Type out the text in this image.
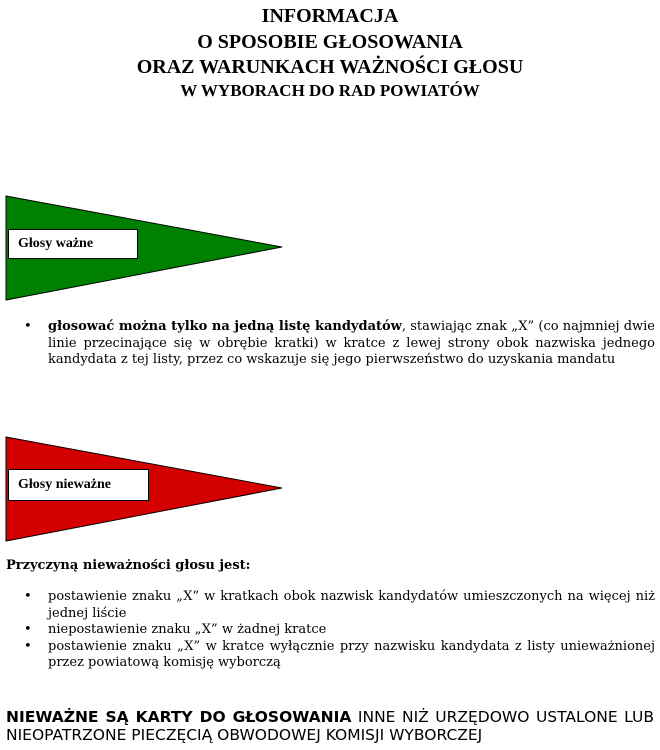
INFORMACJA
O SPOSOBIE GŁOSOWANIA
ORAZ WARUNKACH WAŻNOŚCI GŁOSU
W WYBORACH DO RAD POWIATÓW
Głosy ważne
• głosować można tylko na jedną listę kandydatów, stawiając znak „X” (co najmniej dwie linie przecinające się w obrębie kratki) w kratce z lewej strony obok nazwiska jednego kandydata z tej listy, przez co wskazuje się jego pierwszeństwo do uzyskania mandatu
Głosy nieważne

Przyczyną nieważności głosu jest:

• postawienie znaku „X” w kratkach obok nazwisk kandydatów umieszczonych na więcej niż jednej liście
• niepostawienie znaku „X” w żadnej kratce
• postawienie znaku „X” w kratce wyłącznie przy nazwisku kandydata z listy unieważnionej przez powiatową komisję wyborczą

NIEWAŻNE SĄ KARTY DO GŁOSOWANIA INNE NIŻ URZĘDOWO USTALONE LUB NIEOPATRZONE PIECZĘCIĄ OBWODOWEJ KOMISJI WYBORCZEJ
